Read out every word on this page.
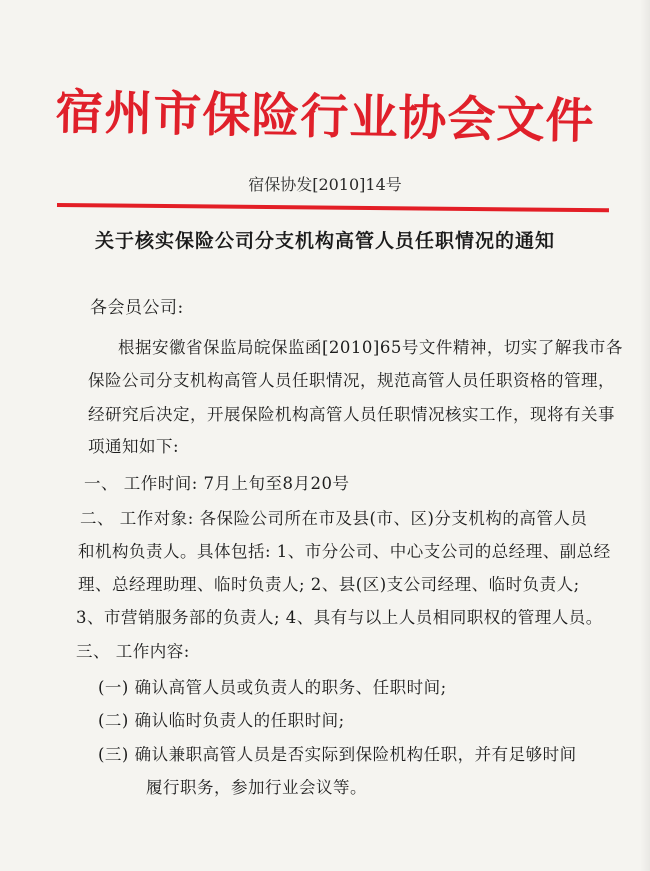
宿州市保险行业协会文件
宿保协发[2010]14号
关于核实保险公司分支机构高管人员任职情况的通知
各会员公司:
根据安徽省保监局皖保监函[2010]65号文件精神，切实了解我市各
保险公司分支机构高管人员任职情况，规范高管人员任职资格的管理，
经研究后决定，开展保险机构高管人员任职情况核实工作，现将有关事
项通知如下:
一、 工作时间: 7月上旬至8月20号
二、 工作对象: 各保险公司所在市及县(市、区)分支机构的高管人员
和机构负责人。具体包括: 1、市分公司、中心支公司的总经理、副总经
理、总经理助理、临时负责人; 2、县(区)支公司经理、临时负责人;
3、市营销服务部的负责人; 4、具有与以上人员相同职权的管理人员。
三、 工作内容:
(一) 确认高管人员或负责人的职务、任职时间;
(二) 确认临时负责人的任职时间;
(三) 确认兼职高管人员是否实际到保险机构任职，并有足够时间
履行职务，参加行业会议等。
